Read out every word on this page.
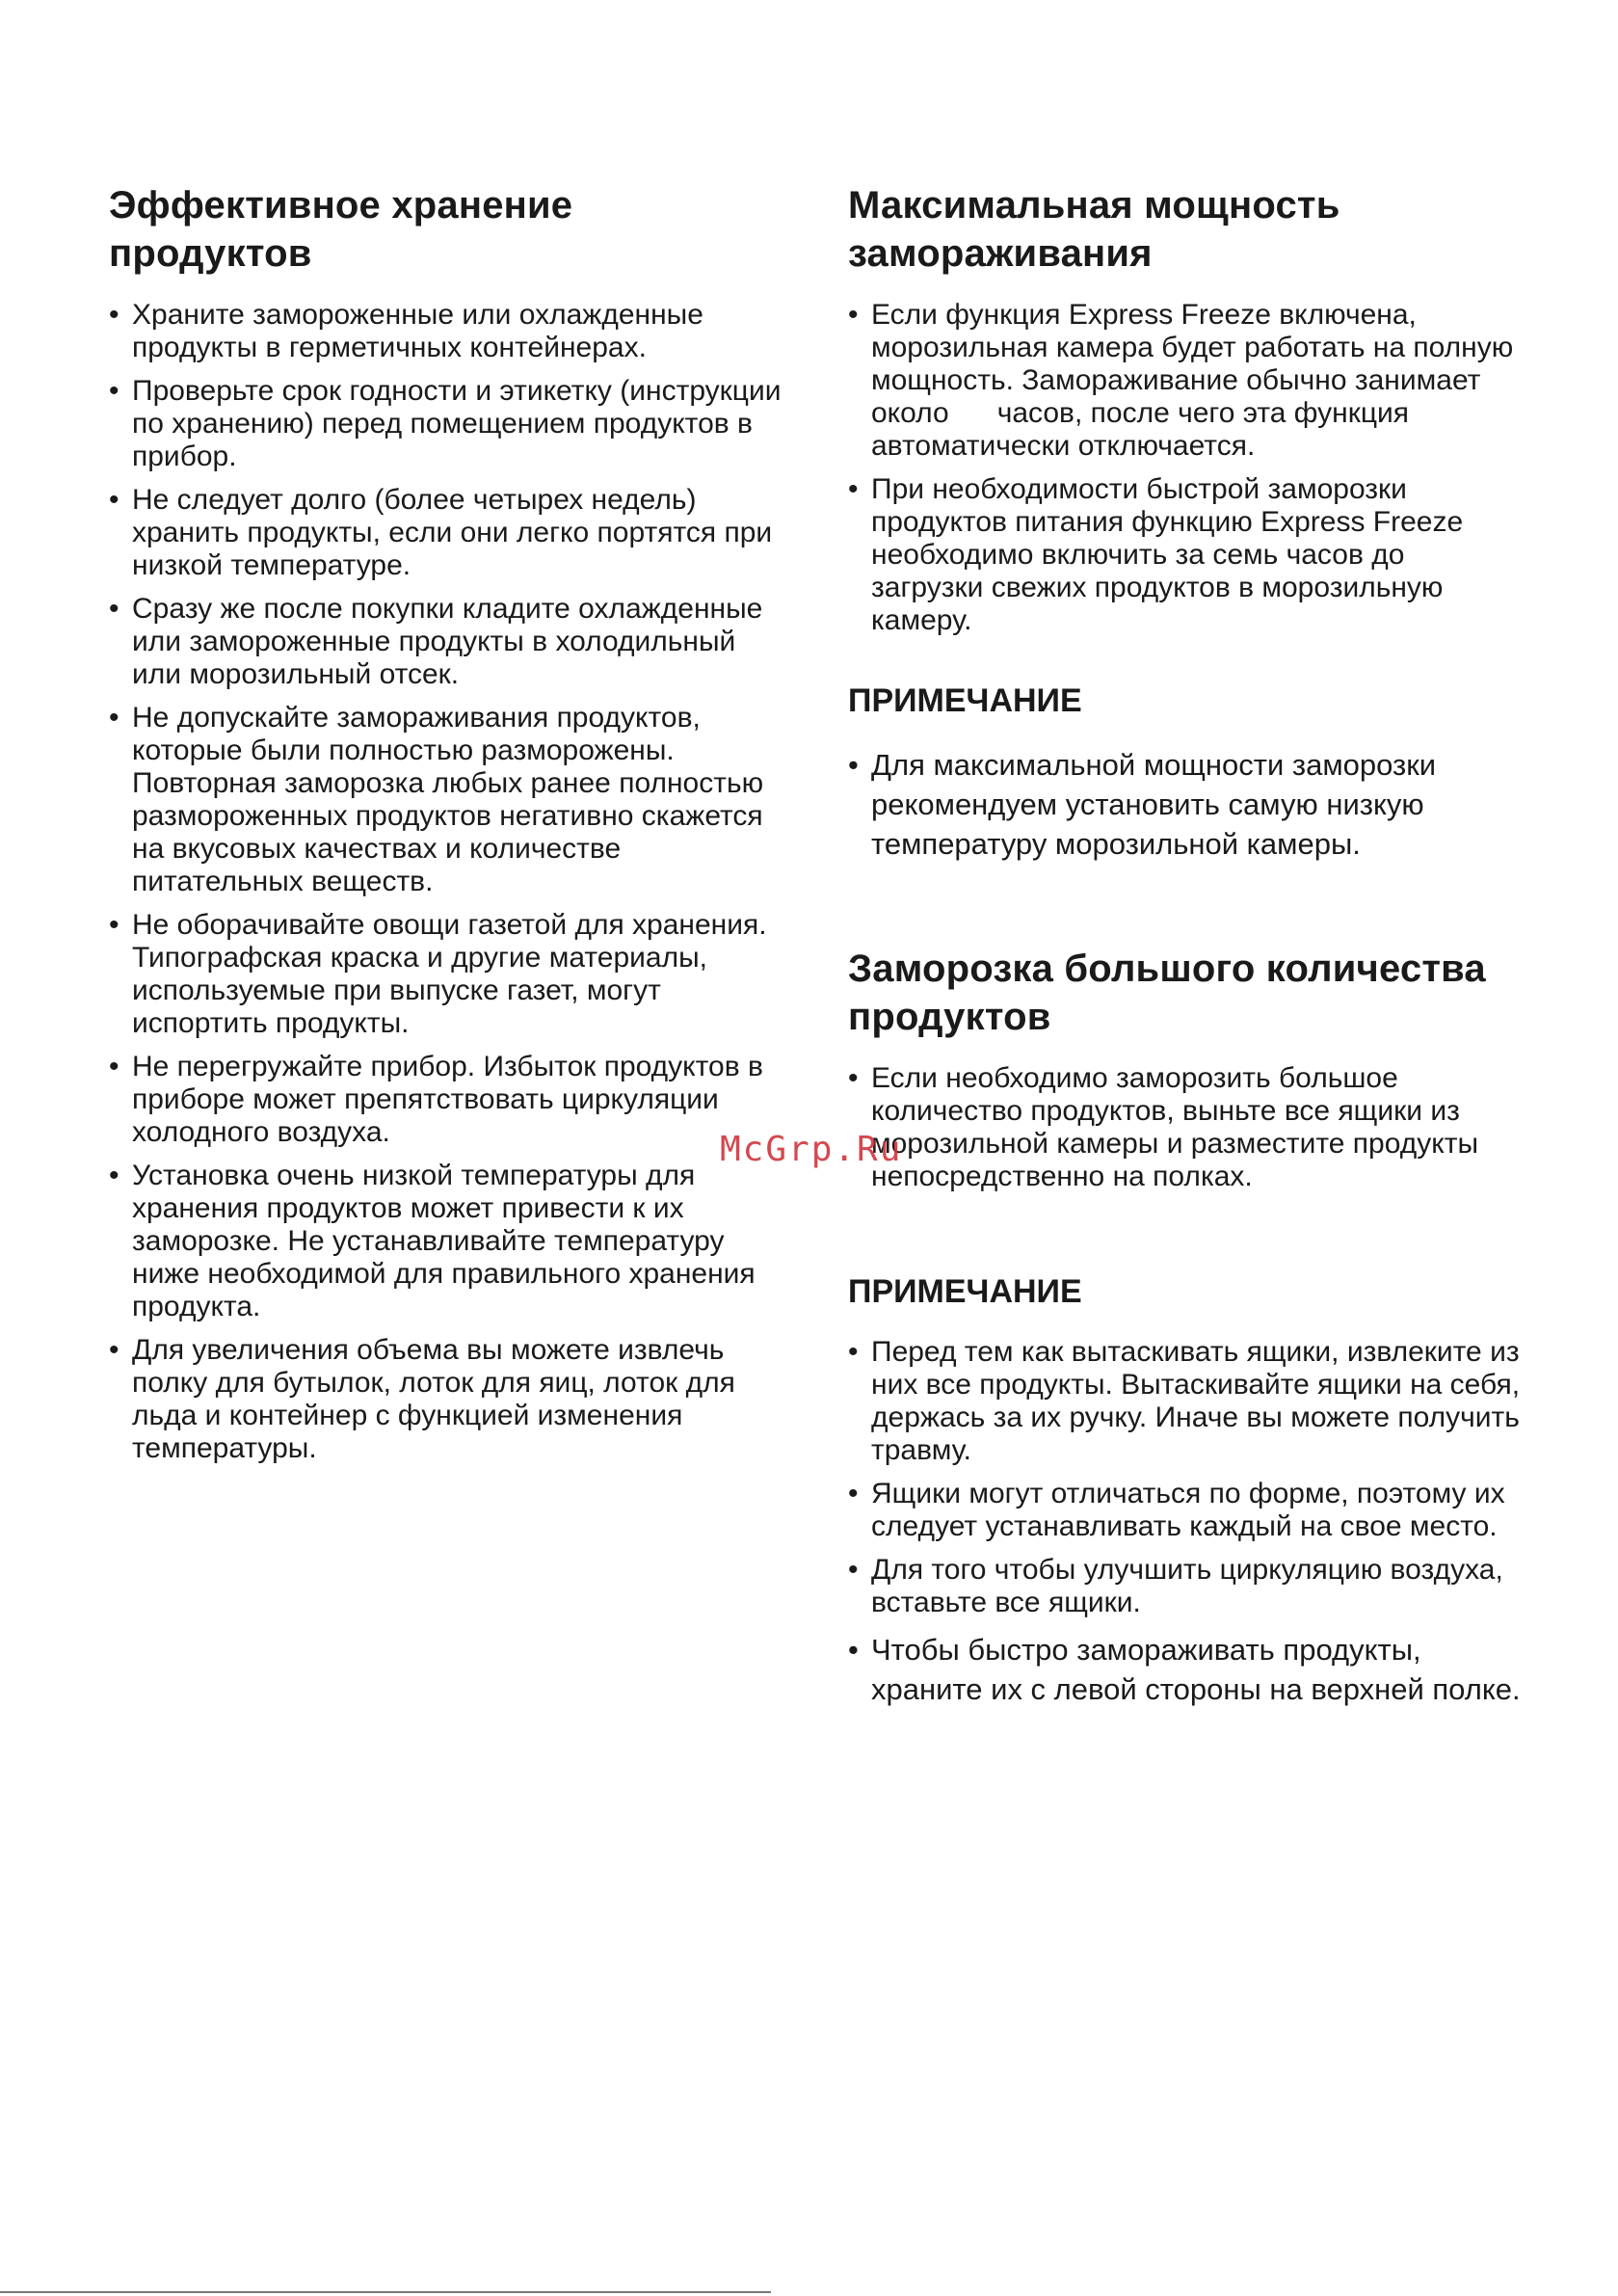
Эффективное хранение продуктов
• Храните замороженные или охлажденные продукты в герметичных контейнерах.
• Проверьте срок годности и этикетку (инструкции по хранению) перед помещением продуктов в прибор.
• Не следует долго (более четырех недель) хранить продукты, если они легко портятся при низкой температуре.
• Сразу же после покупки кладите охлажденные или замороженные продукты в холодильный или морозильный отсек.
• Не допускайте замораживания продуктов, которые были полностью разморожены. Повторная заморозка любых ранее полностью размороженных продуктов негативно скажется на вкусовых качествах и количестве питательных веществ.
• Не оборачивайте овощи газетой для хранения. Типографская краска и другие материалы, используемые при выпуске газет, могут испортить продукты.
• Не перегружайте прибор. Избыток продуктов в приборе может препятствовать циркуляции холодного воздуха.
• Установка очень низкой температуры для хранения продуктов может привести к их заморозке. Не устанавливайте температуру ниже необходимой для правильного хранения продукта.
• Для увеличения объема вы можете извлечь полку для бутылок, лоток для яиц, лоток для льда и контейнер с функцией изменения температуры.
Максимальная мощность замораживания
• Если функция Express Freeze включена, морозильная камера будет работать на полную мощность. Замораживание обычно занимает около      часов, после чего эта функция автоматически отключается.
• При необходимости быстрой заморозки продуктов питания функцию Express Freeze необходимо включить за семь часов до загрузки свежих продуктов в морозильную камеру.
ПРИМЕЧАНИЕ
• Для максимальной мощности заморозки рекомендуем установить самую низкую температуру морозильной камеры.
Заморозка большого количества продуктов
• Если необходимо заморозить большое количество продуктов, выньте все ящики из морозильной камеры и разместите продукты непосредственно на полках.
ПРИМЕЧАНИЕ
• Перед тем как вытаскивать ящики, извлеките из них все продукты. Вытаскивайте ящики на себя, держась за их ручку. Иначе вы можете получить травму.
• Ящики могут отличаться по форме, поэтому их следует устанавливать каждый на свое место.
• Для того чтобы улучшить циркуляцию воздуха, вставьте все ящики.
• Чтобы быстро замораживать продукты, храните их с левой стороны на верхней полке.
McGrp.Ru
